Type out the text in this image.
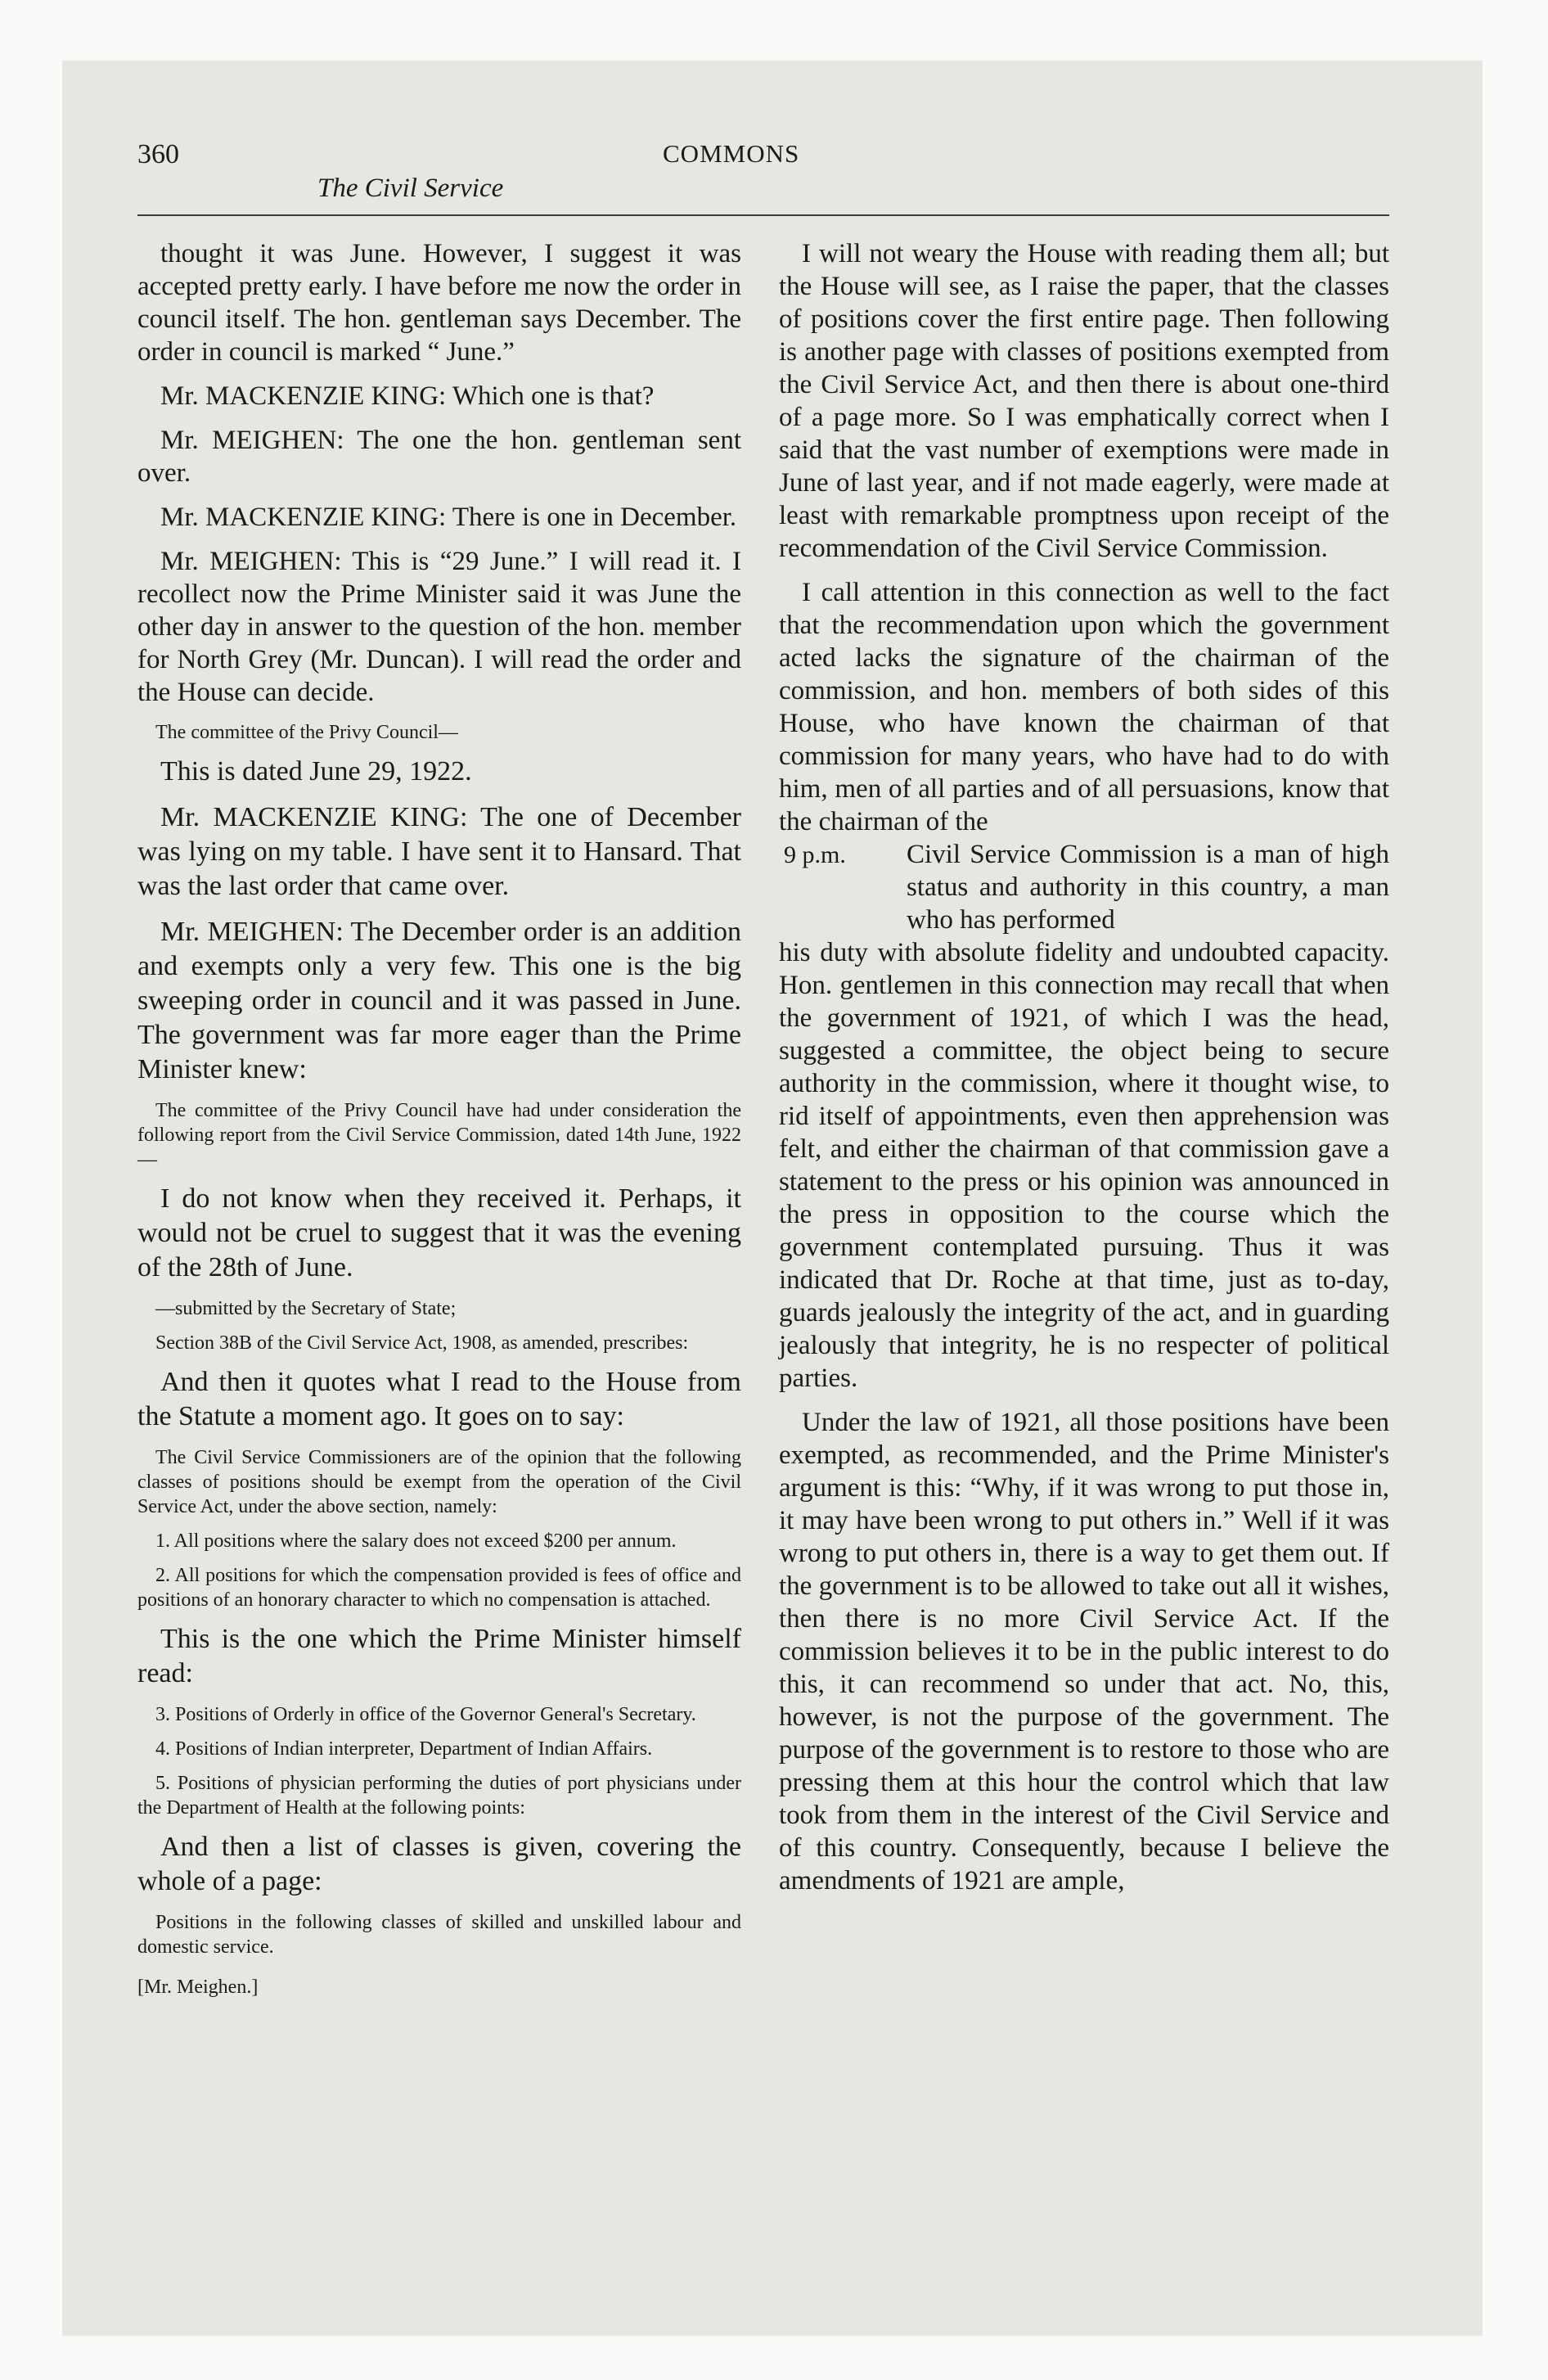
360	COMMONS
The Civil Service

thought it was June. However, I suggest it was accepted pretty early. I have before me now the order in council itself. The hon. gentleman says December. The order in council is marked “ June.”

Mr. MACKENZIE KING: Which one is that?

Mr. MEIGHEN: The one the hon. gentleman sent over.

Mr. MACKENZIE KING: There is one in December.

Mr. MEIGHEN: This is “29 June.” I will read it. I recollect now the Prime Minister said it was June the other day in answer to the question of the hon. member for North Grey (Mr. Duncan). I will read the order and the House can decide.

The committee of the Privy Council—

This is dated June 29, 1922.

Mr. MACKENZIE KING: The one of December was lying on my table. I have sent it to Hansard. That was the last order that came over.

Mr. MEIGHEN: The December order is an addition and exempts only a very few. This one is the big sweeping order in council and it was passed in June. The government was far more eager than the Prime Minister knew:

The committee of the Privy Council have had under consideration the following report from the Civil Service Commission, dated 14th June, 1922—

I do not know when they received it. Perhaps, it would not be cruel to suggest that it was the evening of the 28th of June.

—submitted by the Secretary of State;

Section 38B of the Civil Service Act, 1908, as amended, prescribes:

And then it quotes what I read to the House from the Statute a moment ago. It goes on to say:

The Civil Service Commissioners are of the opinion that the following classes of positions should be exempt from the operation of the Civil Service Act, under the above section, namely:

1. All positions where the salary does not exceed $200 per annum.

2. All positions for which the compensation provided is fees of office and positions of an honorary character to which no compensation is attached.

This is the one which the Prime Minister himself read:

3. Positions of Orderly in office of the Governor General's Secretary.

4. Positions of Indian interpreter, Department of Indian Affairs.

5. Positions of physician performing the duties of port physicians under the Department of Health at the following points:

And then a list of classes is given, covering the whole of a page:

Positions in the following classes of skilled and unskilled labour and domestic service.

[Mr. Meighen.]

I will not weary the House with reading them all; but the House will see, as I raise the paper, that the classes of positions cover the first entire page. Then following is another page with classes of positions exempted from the Civil Service Act, and then there is about one-third of a page more. So I was emphatically correct when I said that the vast number of exemptions were made in June of last year, and if not made eagerly, were made at least with remarkable promptness upon receipt of the recommendation of the Civil Service Commission.

I call attention in this connection as well to the fact that the recommendation upon which the government acted lacks the signature of the chairman of the commission, and hon. members of both sides of this House, who have known the chairman of that commission for many years, who have had to do with him, men of all parties and of all persuasions, know that the chairman of the

9 p.m.	Civil Service Commission is a man of high status and authority in this country, a man who has performed

his duty with absolute fidelity and undoubted capacity. Hon. gentlemen in this connection may recall that when the government of 1921, of which I was the head, suggested a committee, the object being to secure authority in the commission, where it thought wise, to rid itself of appointments, even then apprehension was felt, and either the chairman of that commission gave a statement to the press or his opinion was announced in the press in opposition to the course which the government contemplated pursuing. Thus it was indicated that Dr. Roche at that time, just as to-day, guards jealously the integrity of the act, and in guarding jealously that integrity, he is no respecter of political parties.

Under the law of 1921, all those positions have been exempted, as recommended, and the Prime Minister's argument is this: “Why, if it was wrong to put those in, it may have been wrong to put others in.” Well if it was wrong to put others in, there is a way to get them out. If the government is to be allowed to take out all it wishes, then there is no more Civil Service Act. If the commission believes it to be in the public interest to do this, it can recommend so under that act. No, this, however, is not the purpose of the government. The purpose of the government is to restore to those who are pressing them at this hour the control which that law took from them in the interest of the Civil Service and of this country. Consequently, because I believe the amendments of 1921 are ample,
